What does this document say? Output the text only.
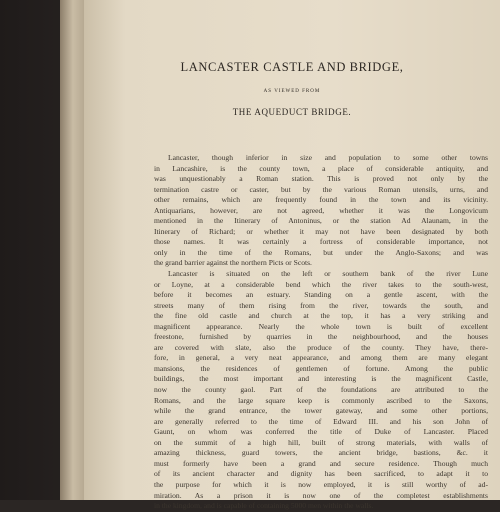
LANCASTER CASTLE AND BRIDGE,
AS VIEWED FROM
THE AQUEDUCT BRIDGE.
Lancaster, though inferior in size and population to some other towns
in Lancashire, is the county town, a place of considerable antiquity, and
was unquestionably a Roman station. This is proved not only by the
termination castre or caster, but by the various Roman utensils, urns, and
other remains, which are frequently found in the town and its vicinity.
Antiquarians, however, are not agreed, whether it was the Longovicum
mentioned in the Itinerary of Antoninus, or the station Ad Alaunam, in the
Itinerary of Richard; or whether it may not have been designated by both
those names. It was certainly a fortress of considerable importance, not
only in the time of the Romans, but under the Anglo-Saxons; and was
the grand barrier against the northern Picts or Scots.
Lancaster is situated on the left or southern bank of the river Lune
or Loyne, at a considerable bend which the river takes to the south-west,
before it becomes an estuary. Standing on a gentle ascent, with the
streets many of them rising from the river, towards the south, and
the fine old castle and church at the top, it has a very striking and
magnificent appearance. Nearly the whole town is built of excellent
freestone, furnished by quarries in the neighbourhood, and the houses
are covered with slate, also the produce of the county. They have, there-
fore, in general, a very neat appearance, and among them are many elegant
mansions, the residences of gentlemen of fortune. Among the public
buildings, the most important and interesting is the magnificent Castle,
now the county gaol. Part of the foundations are attributed to the
Romans, and the large square keep is commonly ascribed to the Saxons,
while the grand entrance, the tower gateway, and some other portions,
are generally referred to the time of Edward III. and his son John of
Gaunt, on whom was conferred the title of Duke of Lancaster. Placed
on the summit of a high hill, built of strong materials, with walls of
amazing thickness, guard towers, the ancient bridge, bastions, &c. it
must formerly have been a grand and secure residence. Though much
of its ancient character and dignity has been sacrificed, to adapt it to
the purpose for which it is now employed, it is still worthy of ad-
miration. As a prison it is now one of the completest establishments
in the kingdom, and is capable of containing 5000 men within the walls.
